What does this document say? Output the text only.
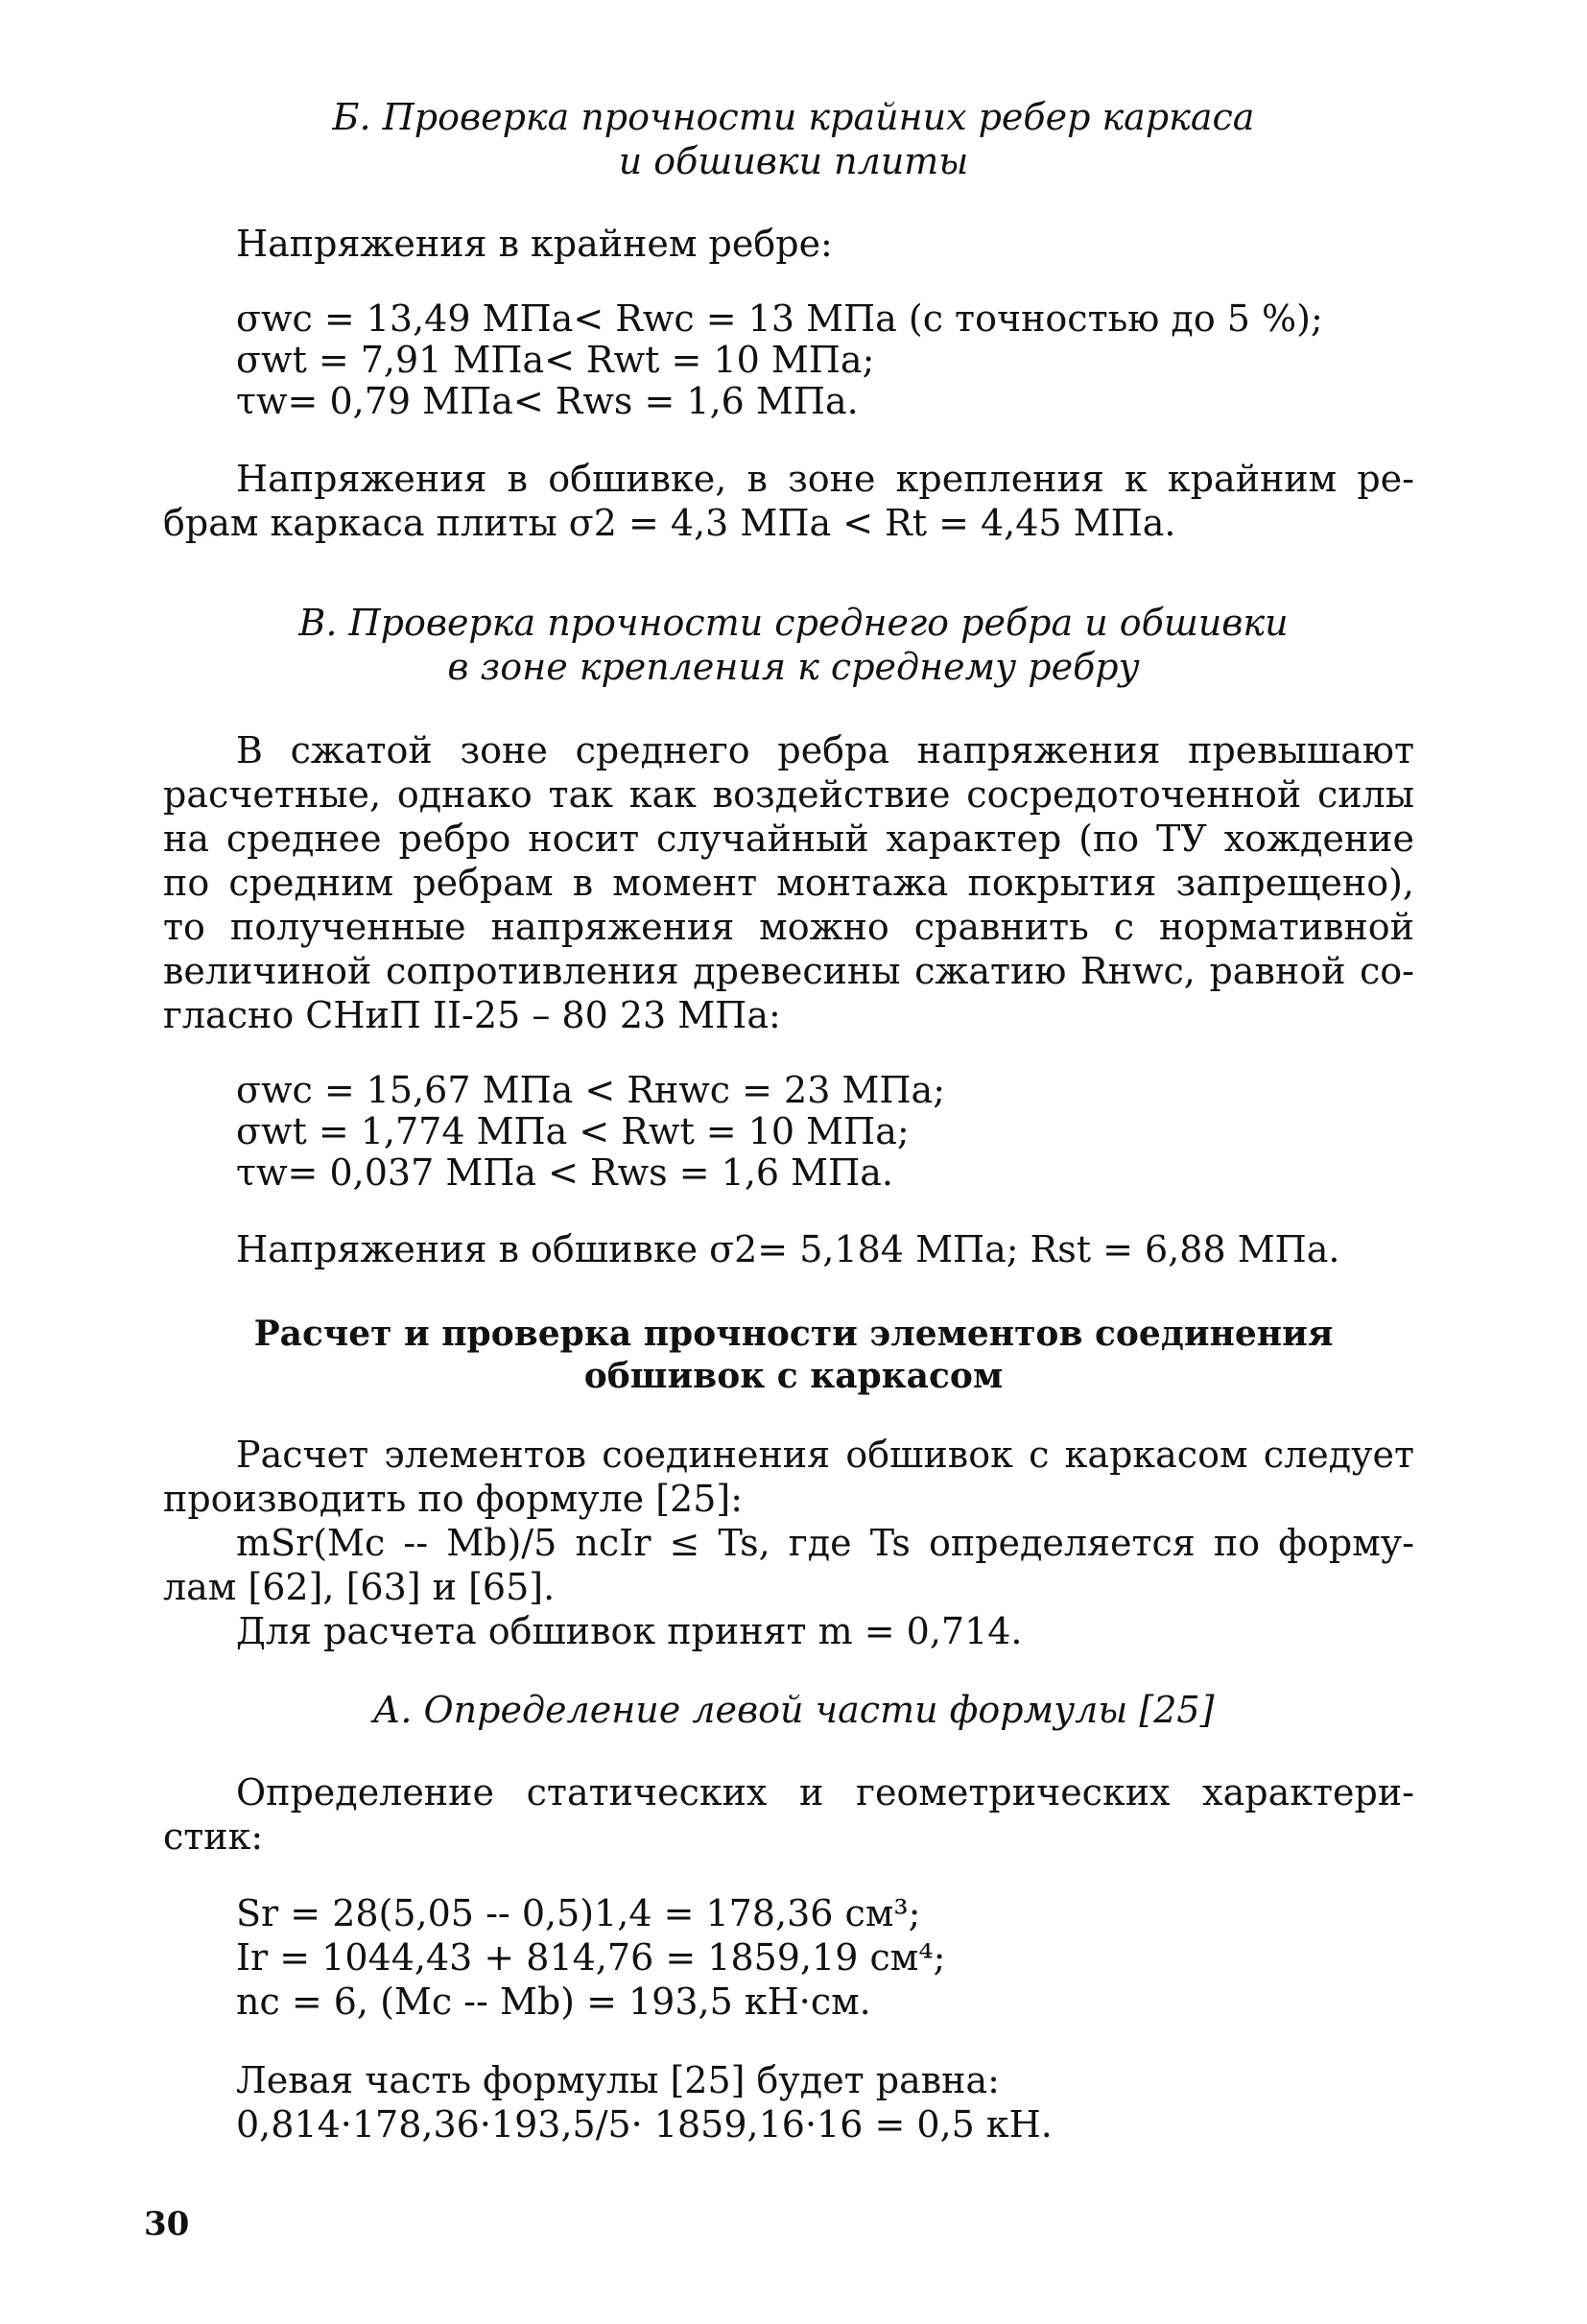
Б. Проверка прочности крайних ребер каркаса
и обшивки плиты
Напряжения в крайнем ребре:
σwc = 13,49 МПа< Rwc = 13 МПа (с точностью до 5 %);
σwt = 7,91 МПа< Rwt = 10 МПа;
τw= 0,79 МПа< Rws = 1,6 МПа.
Напряжения в обшивке, в зоне крепления к крайним ре-
брам каркаса плиты σ2 = 4,3 МПа < Rt = 4,45 МПа.
В. Проверка прочности среднего ребра и обшивки
в зоне крепления к среднему ребру
В сжатой зоне среднего ребра напряжения превышают
расчетные, однако так как воздействие сосредоточенной силы
на среднее ребро носит случайный характер (по ТУ хождение
по средним ребрам в момент монтажа покрытия запрещено),
то полученные напряжения можно сравнить с нормативной
величиной сопротивления древесины сжатию Rнwc, равной со-
гласно СНиП II-25 – 80 23 МПа:
σwc = 15,67 МПа < Rнwc = 23 МПа;
σwt = 1,774 МПа < Rwt = 10 МПа;
τw= 0,037 МПа < Rws = 1,6 МПа.
Напряжения в обшивке σ2= 5,184 МПа; Rst = 6,88 МПа.
Расчет и проверка прочности элементов соединения
обшивок с каркасом
Расчет элементов соединения обшивок с каркасом следует
производить по формуле [25]:
mSr(Mc -- Mb)/5 ncIr ≤ Ts, где Ts определяется по форму-
лам [62], [63] и [65].
Для расчета обшивок принят m = 0,714.
А. Определение левой части формулы [25]
Определение статических и геометрических характери-
стик:
Sr = 28(5,05 -- 0,5)1,4 = 178,36 см³;
Ir = 1044,43 + 814,76 = 1859,19 см⁴;
nc = 6, (Mc -- Mb) = 193,5 кН·см.
Левая часть формулы [25] будет равна:
0,814·178,36·193,5/5· 1859,16·16 = 0,5 кН.
30
